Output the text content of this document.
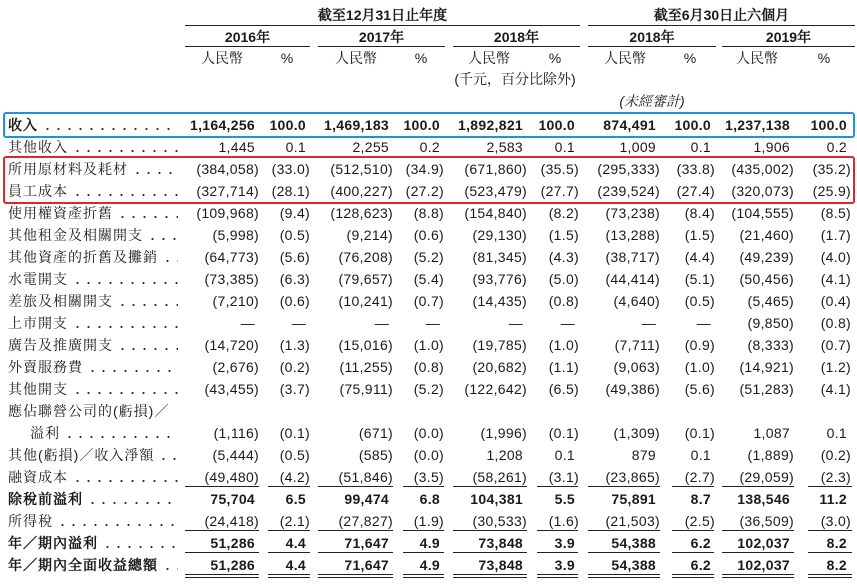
截至12月31日止年度	截至6月30日止六個月
2016年	2017年	2018年	2018年	2019年
人民幣	%	人民幣	%	人民幣	%	人民幣	%	人民幣	%
(千元，百分比除外)
(未經審計)
收入	1,164,256 100.0 1,469,183 100.0 1,892,821 100.0 874,491 100.0 1,237,138 100.0
其他收入	1,445 0.1	2,255 0.2	2,583 0.1	1,009 0.1	1,906	0.2
所用原材料及耗材	(384,058) (33.0) (512,510) (34.9) (671,860) (35.5) (295,333) (33.8) (435,002) (35.2)
員工成本	(327,714) (28.1) (400,227) (27.2) (523,479) (27.7) (239,524) (27.4) (320,073) (25.9)
使用權資產折舊	(109,968) (9.4) (128,623) (8.8) (154,840) (8.2) (73,238) (8.4) (104,555) (8.5)
其他租金及相關開支	(5,998) (0.5)	(9,214) (0.6) (29,130) (1.5) (13,288) (1.5) (21,460) (1.7)
其他資產的折舊及攤銷	(64,773) (5.6) (76,208) (5.2) (81,345) (4.3) (38,717) (4.4) (49,239) (4.0)
水電開支	(73,385) (6.3) (79,657) (5.4) (93,776) (5.0) (44,414) (5.1) (50,456) (4.1)
差旅及相關開支	(7,210) (0.6) (10,241) (0.7) (14,435) (0.8) (4,640) (0.5) (5,465) (0.4)
上市開支	—	—	—	—	—	—	—	—	(9,850) (0.8)
廣告及推廣開支	(14,720) (1.3) (15,016) (1.0) (19,785) (1.0)	(7,711) (0.9) (8,333) (0.7)
外賣服務費	(2,676) (0.2) (11,255) (0.8) (20,682) (1.1) (9,063) (1.0) (14,921) (1.2)
其他開支	(43,455) (3.7) (75,911) (5.2) (122,642) (6.5) (49,386) (5.6) (51,283) (4.1)
應佔聯營公司的(虧損)／
溢利	(1,116) (0.1)	(671) (0.0)	(1,996) (0.1) (1,309) (0.1)	1,087	0.1
其他(虧損)／收入淨額	(5,444) (0.5)	(585) (0.0)	1,208 0.1	879 0.1	(1,889) (0.2)
融資成本	(49,480) (4.2) (51,846) (3.5) (58,261) (3.1) (23,865) (2.7) (29,059) (2.3)
除稅前溢利	75,704 6.5	99,474 6.8 104,381 5.5	75,891 8.7 138,546 11.2
所得稅	(24,418) (2.1) (27,827) (1.9) (30,533) (1.6) (21,503) (2.5) (36,509) (3.0)
年／期內溢利	51,286 4.4	71,647 4.9	73,848 3.9	54,388 6.2 102,037	8.2
年／期內全面收益總額	51,286 4.4	71,647 4.9	73,848 3.9	54,388 6.2 102,037	8.2
